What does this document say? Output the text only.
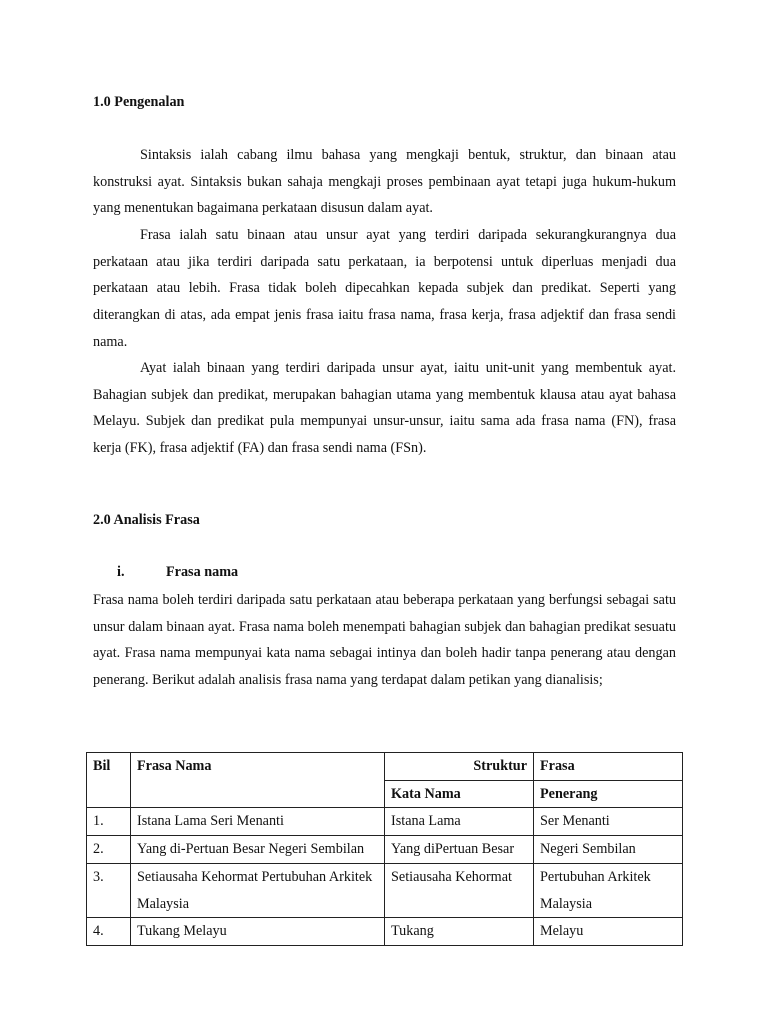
1.0 Pengenalan

Sintaksis ialah cabang ilmu bahasa yang mengkaji bentuk, struktur, dan binaan atau konstruksi ayat. Sintaksis bukan sahaja mengkaji proses pembinaan ayat tetapi juga hukum-hukum yang menentukan bagaimana perkataan disusun dalam ayat.

Frasa ialah satu binaan atau unsur ayat yang terdiri daripada sekurangkurangnya dua perkataan atau jika terdiri daripada satu perkataan, ia berpotensi untuk diperluas menjadi dua perkataan atau lebih. Frasa tidak boleh dipecahkan kepada subjek dan predikat. Seperti yang diterangkan di atas, ada empat jenis frasa iaitu frasa nama, frasa kerja, frasa adjektif dan frasa sendi nama.

Ayat ialah binaan yang terdiri daripada unsur ayat, iaitu unit-unit yang membentuk ayat. Bahagian subjek dan predikat, merupakan bahagian utama yang membentuk klausa atau ayat bahasa Melayu. Subjek dan predikat pula mempunyai unsur-unsur, iaitu sama ada frasa nama (FN), frasa kerja (FK), frasa adjektif (FA) dan frasa sendi nama (FSn).

2.0 Analisis Frasa

i.	Frasa nama

Frasa nama boleh terdiri daripada satu perkataan atau beberapa perkataan yang berfungsi sebagai satu unsur dalam binaan ayat. Frasa nama boleh menempati bahagian subjek dan bahagian predikat sesuatu ayat. Frasa nama mempunyai kata nama sebagai intinya dan boleh hadir tanpa penerang atau dengan penerang. Berikut adalah analisis frasa nama yang terdapat dalam petikan yang dianalisis;

Bil	Frasa Nama	Struktur	Frasa
		Kata Nama	Penerang
1.	Istana Lama Seri Menanti	Istana Lama	Ser Menanti
2.	Yang di-Pertuan Besar Negeri Sembilan	Yang diPertuan Besar	Negeri Sembilan
3.	Setiausaha Kehormat Pertubuhan Arkitek Malaysia	Setiausaha Kehormat	Pertubuhan Arkitek Malaysia
4.	Tukang Melayu	Tukang	Melayu
